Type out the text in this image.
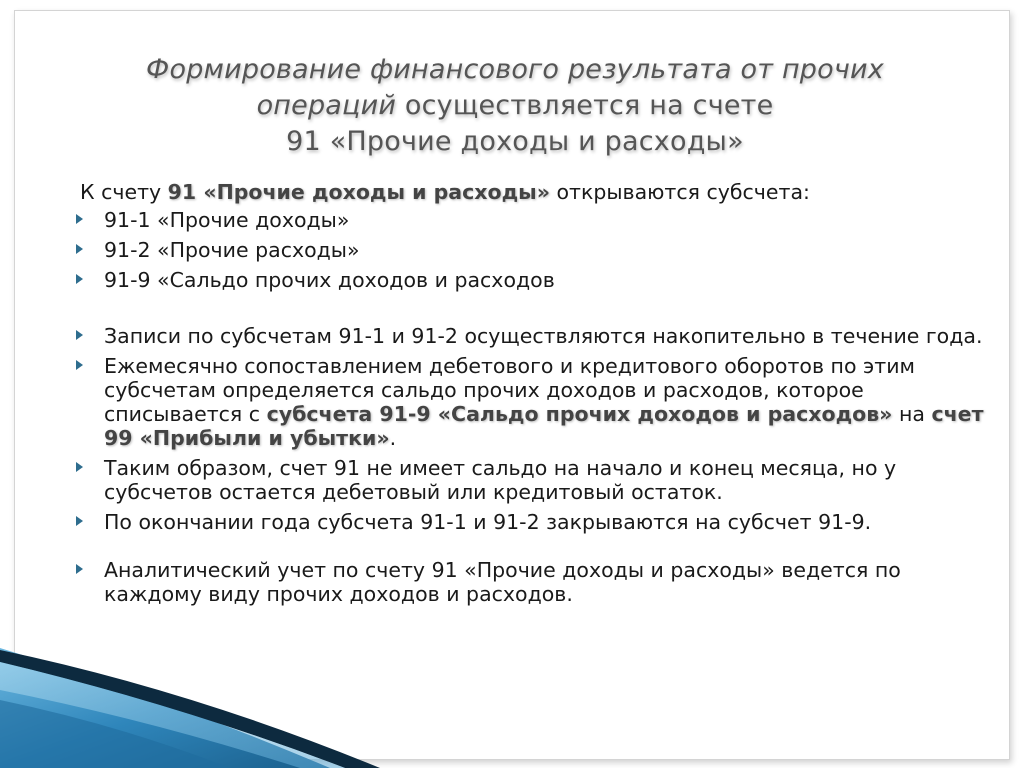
Формирование финансового результата от прочих
операций осуществляется на счете
91 «Прочие доходы и расходы»
К счету 91 «Прочие доходы и расходы» открываются субсчета:
91-1 «Прочие доходы»
91-2 «Прочие расходы»
91-9 «Сальдо прочих доходов и расходов
Записи по субсчетам 91-1 и 91-2 осуществляются накопительно в течение года.
Ежемесячно сопоставлением дебетового и кредитового оборотов по этим субсчетам определяется сальдо прочих доходов и расходов, которое списывается с субсчета 91-9 «Сальдо прочих доходов и расходов» на счет 99 «Прибыли и убытки».
Таким образом, счет 91 не имеет сальдо на начало и конец месяца, но у субсчетов остается дебетовый или кредитовый остаток.
По окончании года субсчета 91-1 и 91-2 закрываются на субсчет 91-9.
Аналитический учет по счету 91 «Прочие доходы и расходы» ведется по каждому виду прочих доходов и расходов.
